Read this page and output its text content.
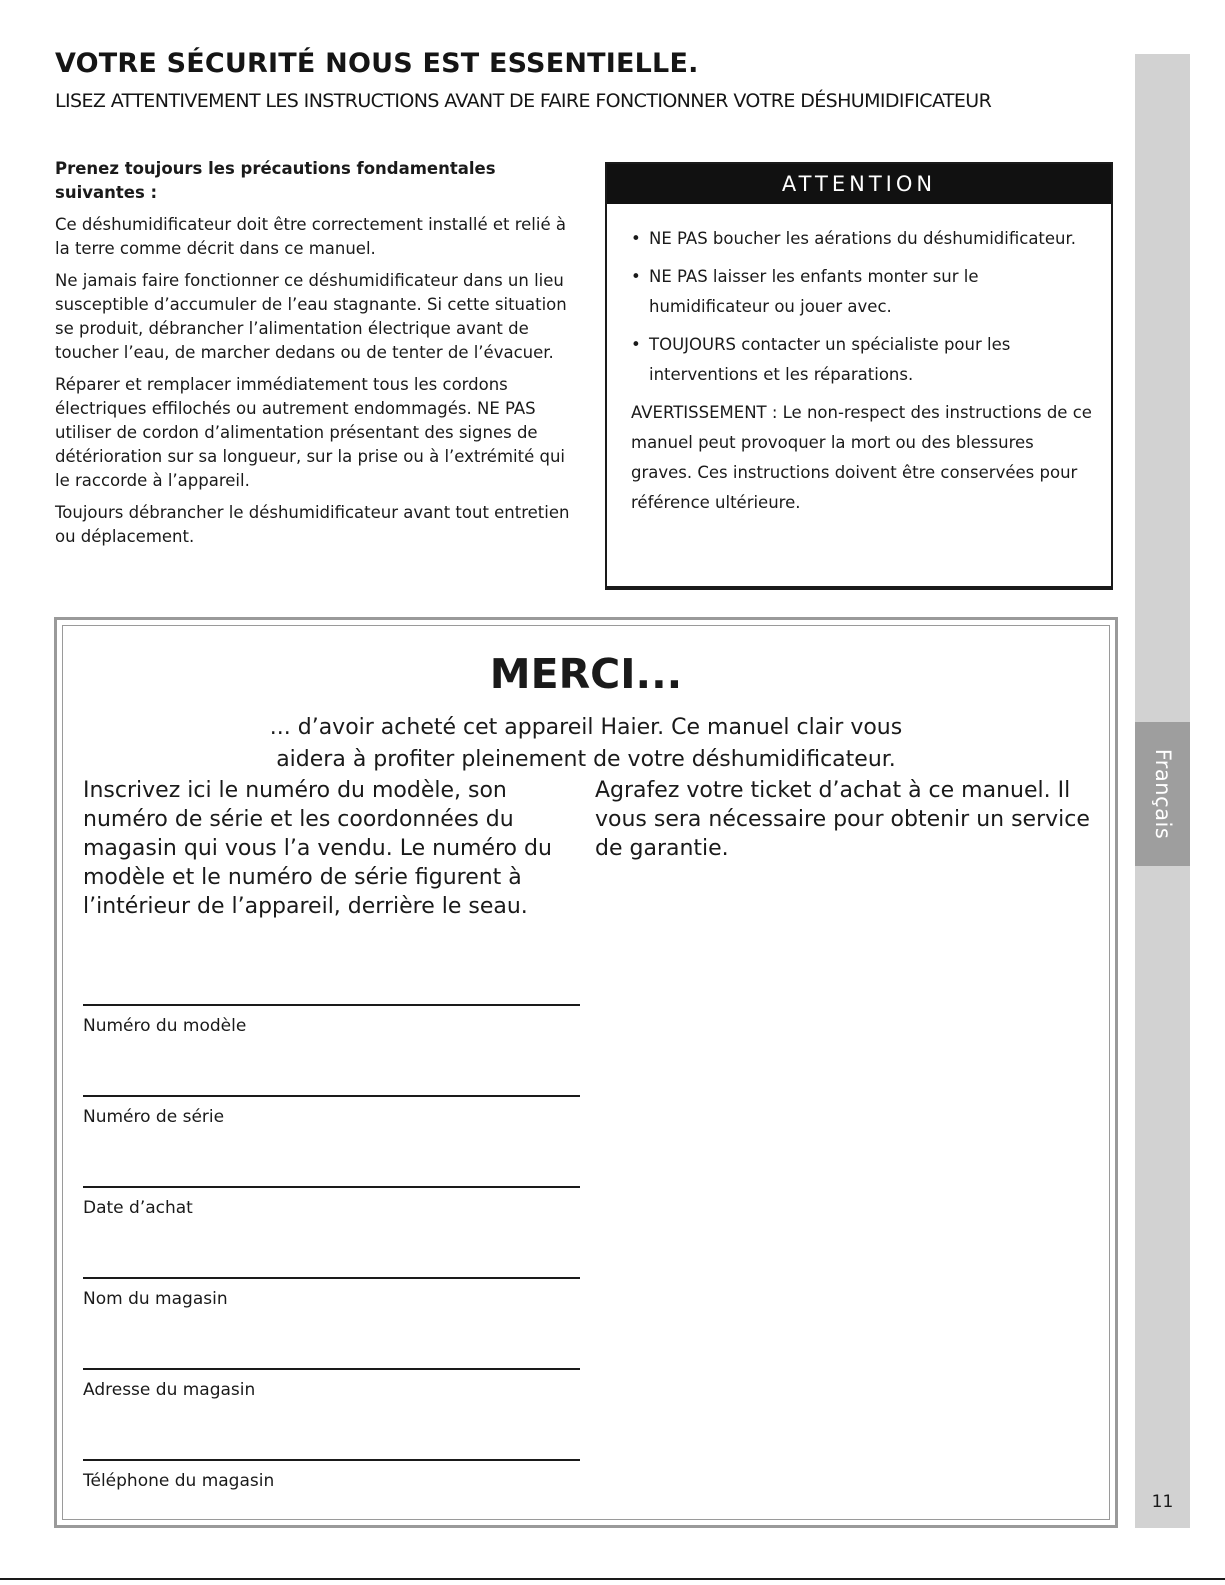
VOTRE SÉCURITÉ NOUS EST ESSENTIELLE.
LISEZ ATTENTIVEMENT LES INSTRUCTIONS AVANT DE FAIRE FONCTIONNER VOTRE DÉSHUMIDIFICATEUR

Prenez toujours les précautions fondamentales suivantes :

Ce déshumidificateur doit être correctement installé et relié à la terre comme décrit dans ce manuel.

Ne jamais faire fonctionner ce déshumidificateur dans un lieu susceptible d’accumuler de l’eau stagnante. Si cette situation se produit, débrancher l’alimentation électrique avant de toucher l’eau, de marcher dedans ou de tenter de l’évacuer.

Réparer et remplacer immédiatement tous les cordons électriques effilochés ou autrement endommagés. NE PAS utiliser de cordon d’alimentation présentant des signes de détérioration sur sa longueur, sur la prise ou à l’extrémité qui le raccorde à l’appareil.

Toujours débrancher le déshumidificateur avant tout entretien ou déplacement.

ATTENTION
• NE PAS boucher les aérations du déshumidificateur.
• NE PAS laisser les enfants monter sur le humidificateur ou jouer avec.
• TOUJOURS contacter un spécialiste pour les interventions et les réparations.

AVERTISSEMENT : Le non-respect des instructions de ce manuel peut provoquer la mort ou des blessures graves. Ces instructions doivent être conservées pour référence ultérieure.

MERCI...
... d’avoir acheté cet appareil Haier. Ce manuel clair vous
aidera à profiter pleinement de votre déshumidificateur.
Inscrivez ici le numéro du modèle, son numéro de série et les coordonnées du magasin qui vous l’a vendu. Le numéro du modèle et le numéro de série figurent à l’intérieur de l’appareil, derrière le seau.
Agrafez votre ticket d’achat à ce manuel. Il vous sera nécessaire pour obtenir un service de garantie.
Numéro du modèle
Numéro de série
Date d’achat
Nom du magasin
Adresse du magasin
Téléphone du magasin
Français
11
